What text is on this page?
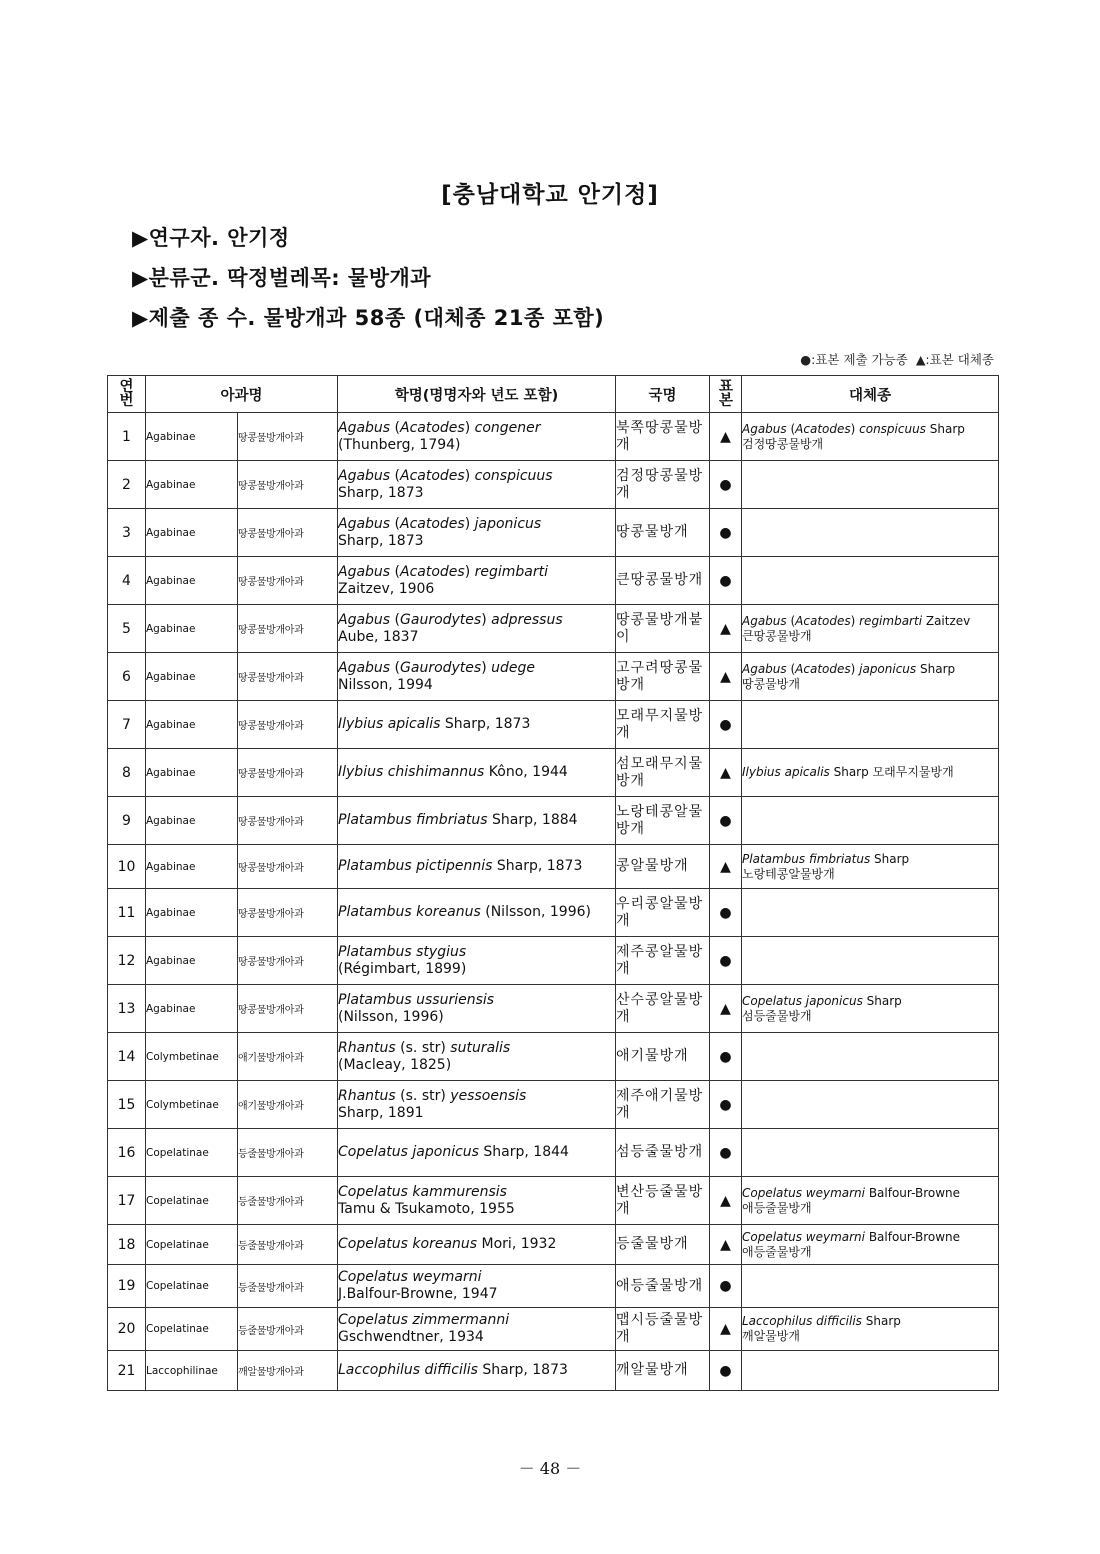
[충남대학교 안기정]
▶연구자. 안기정
▶분류군. 딱정벌레목: 물방개과
▶제출 종 수. 물방개과 58종 (대체종 21종 포함)
●:표본 제출 가능종 ▲:표본 대체종
연번	아과명		학명(명명자와 년도 포함)	국명	표본	대체종
1	Agabinae	땅콩물방개아과	Agabus (Acatodes) congener
(Thunberg, 1794)	북쪽땅콩물방개	▲	Agabus (Acatodes) conspicuus Sharp
검정땅콩물방개
2	Agabinae	땅콩물방개아과	Agabus (Acatodes) conspicuus
Sharp, 1873	검정땅콩물방개	●	
3	Agabinae	땅콩물방개아과	Agabus (Acatodes) japonicus
Sharp, 1873	땅콩물방개	●	
4	Agabinae	땅콩물방개아과	Agabus (Acatodes) regimbarti
Zaitzev, 1906	큰땅콩물방개	●	
5	Agabinae	땅콩물방개아과	Agabus (Gaurodytes) adpressus
Aube, 1837	땅콩물방개붙이	▲	Agabus (Acatodes) regimbarti Zaitzev
큰땅콩물방개
6	Agabinae	땅콩물방개아과	Agabus (Gaurodytes) udege
Nilsson, 1994	고구려땅콩물방개	▲	Agabus (Acatodes) japonicus Sharp
땅콩물방개
7	Agabinae	땅콩물방개아과	Ilybius apicalis Sharp, 1873	모래무지물방개	●	
8	Agabinae	땅콩물방개아과	Ilybius chishimannus Kôno, 1944	섬모래무지물방개	▲	Ilybius apicalis Sharp 모래무지물방개
9	Agabinae	땅콩물방개아과	Platambus fimbriatus Sharp, 1884	노랑테콩알물방개	●	
10	Agabinae	땅콩물방개아과	Platambus pictipennis Sharp, 1873	콩알물방개	▲	Platambus fimbriatus Sharp
노랑테콩알물방개
11	Agabinae	땅콩물방개아과	Platambus koreanus (Nilsson, 1996)	우리콩알물방개	●	
12	Agabinae	땅콩물방개아과	Platambus stygius
(Régimbart, 1899)	제주콩알물방개	●	
13	Agabinae	땅콩물방개아과	Platambus ussuriensis
(Nilsson, 1996)	산수콩알물방개	▲	Copelatus japonicus Sharp
섬등줄물방개
14	Colymbetinae	애기물방개아과	Rhantus (s. str) suturalis
(Macleay, 1825)	애기물방개	●	
15	Colymbetinae	애기물방개아과	Rhantus (s. str) yessoensis
Sharp, 1891	제주애기물방개	●	
16	Copelatinae	등줄물방개아과	Copelatus japonicus Sharp, 1844	섬등줄물방개	●	
17	Copelatinae	등줄물방개아과	Copelatus kammurensis
Tamu & Tsukamoto, 1955	변산등줄물방개	▲	Copelatus weymarni Balfour-Browne
애등줄물방개
18	Copelatinae	등줄물방개아과	Copelatus koreanus Mori, 1932	등줄물방개	▲	Copelatus weymarni Balfour-Browne
애등줄물방개
19	Copelatinae	등줄물방개아과	Copelatus weymarni
J.Balfour-Browne, 1947	애등줄물방개	●	
20	Copelatinae	등줄물방개아과	Copelatus zimmermanni
Gschwendtner, 1934	맵시등줄물방개	▲	Laccophilus difficilis Sharp
깨알물방개
21	Laccophilinae	깨알물방개아과	Laccophilus difficilis Sharp, 1873	깨알물방개	●	
－ 48 －
